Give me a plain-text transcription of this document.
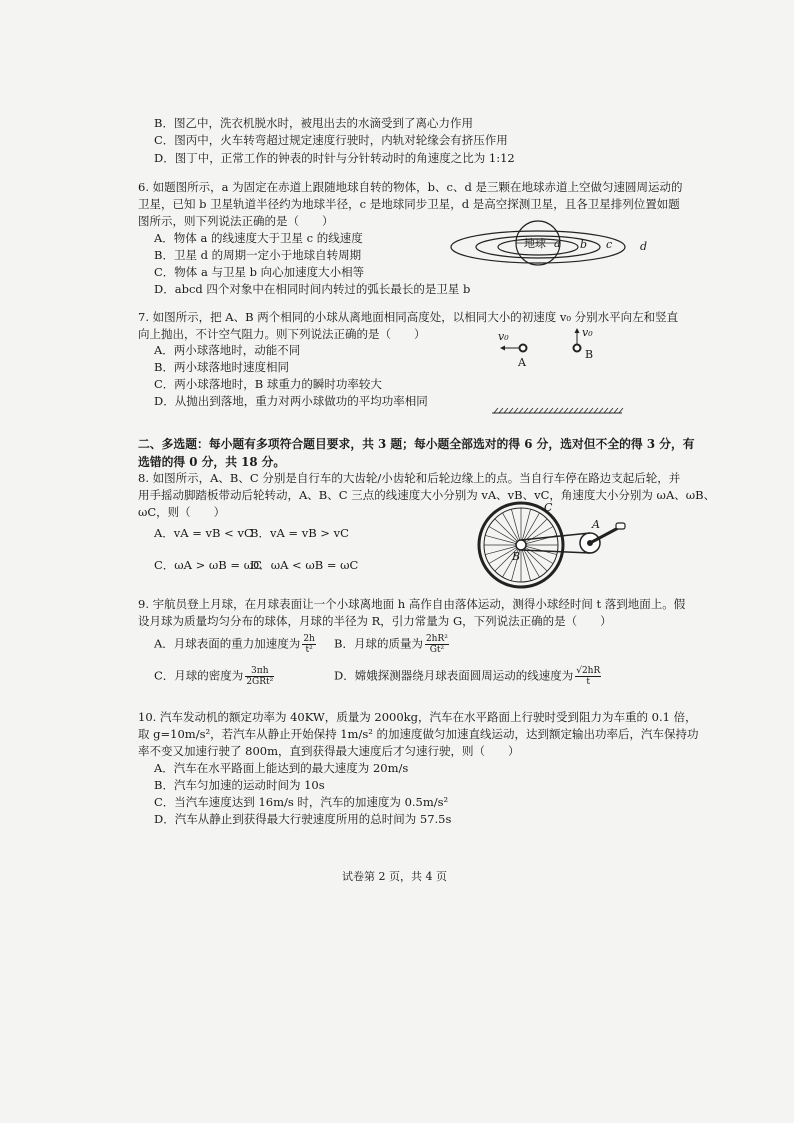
B．图乙中，洗衣机脱水时，被甩出去的水滴受到了离心力作用
C．图丙中，火车转弯超过规定速度行驶时，内轨对轮缘会有挤压作用
D．图丁中，正常工作的钟表的时针与分针转动时的角速度之比为 1:12
6. 如题图所示，a 为固定在赤道上跟随地球自转的物体，b、c、d 是三颗在地球赤道上空做匀速圆周运动的
卫星，已知 b 卫星轨道半径约为地球半径，c 是地球同步卫星，d 是高空探测卫星，且各卫星排列位置如题
图所示，则下列说法正确的是（　　）
A．物体 a 的线速度大于卫星 c 的线速度
B．卫星 d 的周期一定小于地球自转周期
C．物体 a 与卫星 b 向心加速度大小相等
D．abcd 四个对象中在相同时间内转过的弧长最长的是卫星 b
地球 a b c	d
7. 如图所示，把 A、B 两个相同的小球从离地面相同高度处，以相同大小的初速度 v₀ 分别水平向左和竖直
向上抛出，不计空气阻力。则下列说法正确的是（　　）
A．两小球落地时，动能不同
B．两小球落地时速度相同
C．两小球落地时，B 球重力的瞬时功率较大
D．从抛出到落地，重力对两小球做功的平均功率相同
v₀
A
v₀
B
二、多选题：每小题有多项符合题目要求，共 3 题；每小题全部选对的得 6 分，选对但不全的得 3 分，有
选错的得 0 分，共 18 分。
8. 如图所示，A、B、C 分别是自行车的大齿轮/小齿轮和后轮边缘上的点。当自行车停在路边支起后轮，并
用手摇动脚踏板带动后轮转动，A、B、C 三点的线速度大小分别为 vA、vB、vC，角速度大小分别为 ωA、ωB、
ωC，则（　　）
A．vA = vB < vC
B．vA = vB > vC
C．ωA > ωB = ωC
D．ωA < ωB = ωC
C
A
B
9. 宇航员登上月球，在月球表面让一个小球离地面 h 高作自由落体运动，测得小球经时间 t 落到地面上。假
设月球为质量均匀分布的球体，月球的半径为 R，引力常量为 G，下列说法正确的是（　　）
A．月球表面的重力加速度为 $\frac{2h}{\text{t²}}$ B．月球的质量为 $\frac{\text{2hR²}}{\text{Gt²}}$
C．月球的密度为 $\frac{3\pi h}{\text{2GRt²}}$	D．嫦娥探测器绕月球表面圆周运动的线速度为 $\frac{√2hR}{t}$
10. 汽车发动机的额定功率为 40KW，质量为 2000kg，汽车在水平路面上行驶时受到阻力为车重的 0.1 倍，
取 g=10m/s²，若汽车从静止开始保持 1m/s² 的加速度做匀加速直线运动，达到额定输出功率后，汽车保持功
率不变又加速行驶了 800m，直到获得最大速度后才匀速行驶，则（　　）
A．汽车在水平路面上能达到的最大速度为 20m/s
B．汽车匀加速的运动时间为 10s
C．当汽车速度达到 16m/s 时，汽车的加速度为 0.5m/s²
D．汽车从静止到获得最大行驶速度所用的总时间为 57.5s
试卷第 2 页，共 4 页
